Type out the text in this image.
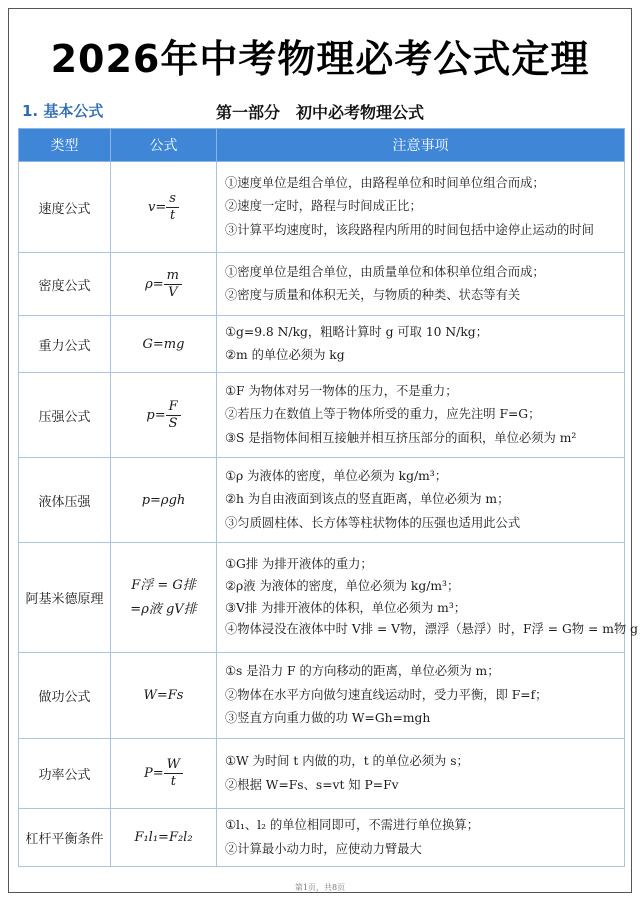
2026年中考物理必考公式定理
1. 基本公式	第一部分　初中必考物理公式
类型	公式	注意事项
速度公式	$v= \frac{s}{t}$	①速度单位是组合单位，由路程单位和时间单位组合而成；
②速度一定时，路程与时间成正比；
③计算平均速度时，该段路程内所用的时间包括中途停止运动的时间

密度公式	$\rho= \frac{m}{V}$	①密度单位是组合单位，由质量单位和体积单位组合而成；
②密度与质量和体积无关，与物质的种类、状态等有关

重力公式	G=mg	①g=9.8 N/kg，粗略计算时 g 可取 10 N/kg；
②m 的单位必须为 kg

压强公式	$p= \frac{F}{S}$	①F 为物体对另一物体的压力，不是重力；
②若压力在数值上等于物体所受的重力，应先注明 F=G；
③S 是指物体间相互接触并相互挤压部分的面积，单位必须为 m²

液体压强	p=ρgh	①ρ 为液体的密度，单位必须为 kg/m³；
②h 为自由液面到该点的竖直距离，单位必须为 m；
③匀质圆柱体、长方体等柱状物体的压强也适用此公式

阿基米德原理	F浮 = G排
=ρ液 gV排	①G排 为排开液体的重力；
②ρ液 为液体的密度，单位必须为 kg/m³；
③V排 为排开液体的体积，单位必须为 m³；
④物体浸没在液体中时 V排 = V物，漂浮（悬浮）时，F浮 = G物 = m物 g

做功公式	W=Fs	①s 是沿力 F 的方向移动的距离，单位必须为 m；
②物体在水平方向做匀速直线运动时，受力平衡，即 F=f；
③竖直方向重力做的功 W=Gh=mgh

功率公式	$P= \frac{W}{t}$	①W 为时间 t 内做的功，t 的单位必须为 s；
②根据 W=Fs、s=vt 知 P=Fv

杠杆平衡条件	F₁l₁=F₂l₂	①l₁、l₂ 的单位相同即可，不需进行单位换算；
②计算最小动力时，应使动力臂最大
第1页，共8页
